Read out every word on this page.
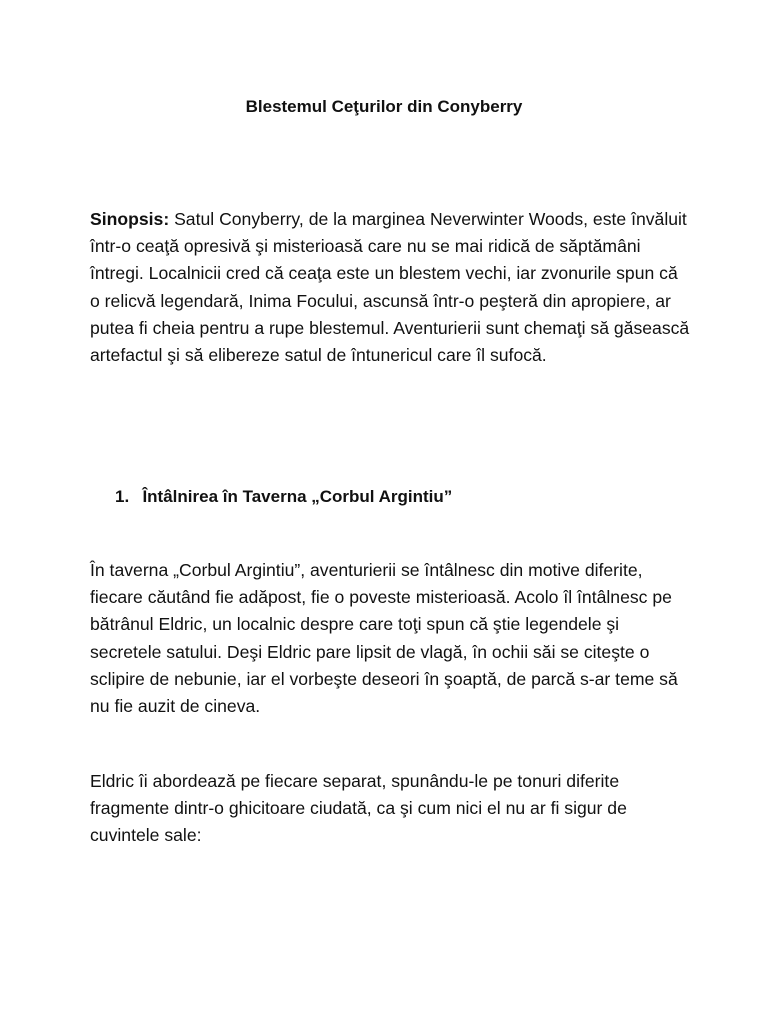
Blestemul Ceţurilor din Conyberry

Sinopsis: Satul Conyberry, de la marginea Neverwinter Woods, este învăluit într-o ceaţă opresivă şi misterioasă care nu se mai ridică de săptămâni întregi. Localnicii cred că ceaţa este un blestem vechi, iar zvonurile spun că o relicvă legendară, Inima Focului, ascunsă într-o peşteră din apropiere, ar putea fi cheia pentru a rupe blestemul. Aventurierii sunt chemaţi să găsească artefactul şi să elibereze satul de întunericul care îl sufocă.

1. Întâlnirea în Taverna „Corbul Argintiu”

În taverna „Corbul Argintiu”, aventurierii se întâlnesc din motive diferite, fiecare căutând fie adăpost, fie o poveste misterioasă. Acolo îl întâlnesc pe bătrânul Eldric, un localnic despre care toţi spun că ştie legendele şi secretele satului. Deşi Eldric pare lipsit de vlagă, în ochii săi se citeşte o sclipire de nebunie, iar el vorbeşte deseori în şoaptă, de parcă s-ar teme să nu fie auzit de cineva.

Eldric îi abordează pe fiecare separat, spunându-le pe tonuri diferite fragmente dintr-o ghicitoare ciudată, ca şi cum nici el nu ar fi sigur de cuvintele sale:
